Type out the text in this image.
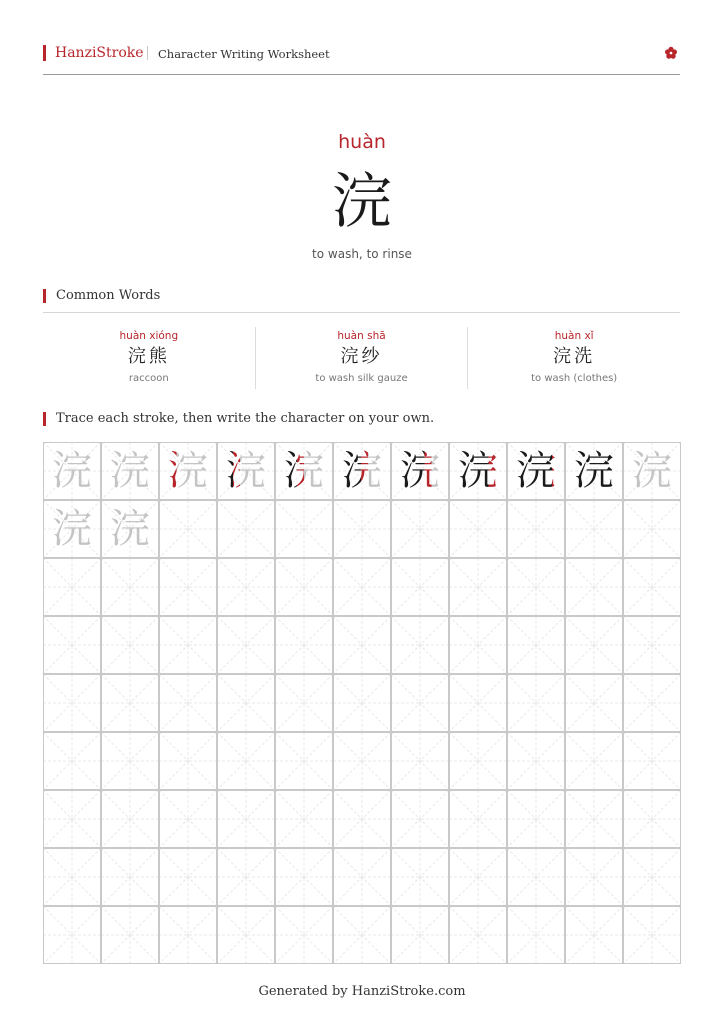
HanziStroke Character Writing Worksheet
huàn
浣
to wash, to rinse
Common Words
huàn xióng
浣熊
raccoon
huàn shā
浣纱
to wash silk gauze
huàn xǐ
浣洗
to wash (clothes)
Trace each stroke, then write the character on your own.
浣 浣 浣 浣 浣 浣 浣 浣 浣 浣 浣
浣 浣
Generated by HanziStroke.com
